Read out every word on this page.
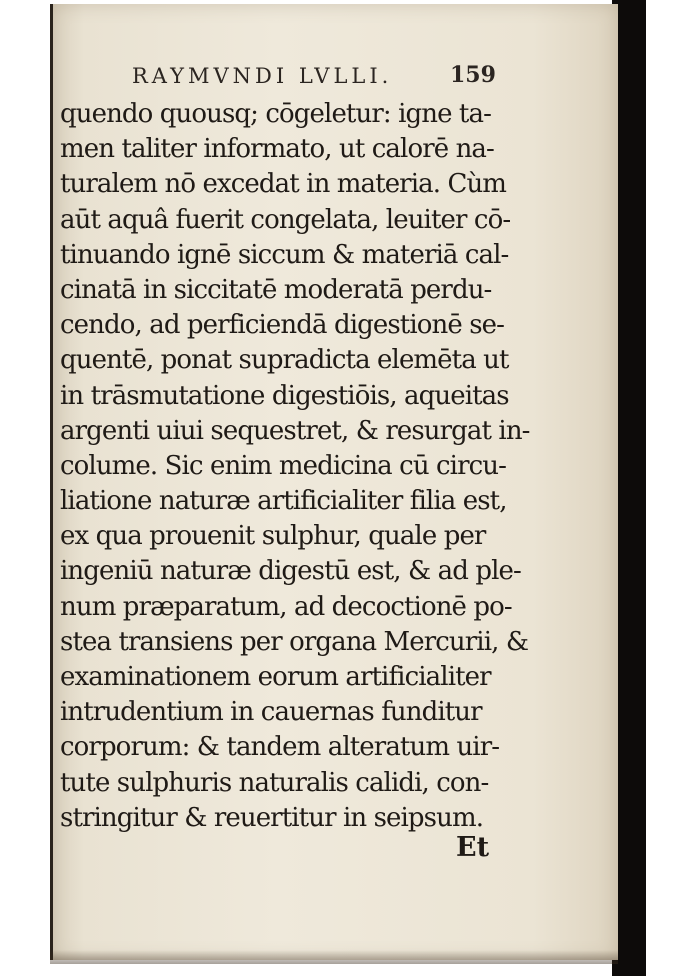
RAYMVNDI LVLLI.	159
quendo quousq; cōgeletur: igne ta-
men taliter informato, ut calorē na-
turalem nō excedat in materia. Cùm
aūt aquâ fuerit congelata, leuiter cō-
tinuando ignē siccum & materiā cal-
cinatā in siccitatē moderatā perdu-
cendo, ad perficiendā digestionē se-
quentē, ponat supradicta elemēta ut
in trāsmutatione digestiōis, aqueitas
argenti uiui sequestret, & resurgat in-
colume. Sic enim medicina cū circu-
liatione naturæ artificialiter filia est,
ex qua prouenit sulphur, quale per
ingeniū naturæ digestū est, & ad ple-
num præparatum, ad decoctionē po-
stea transiens per organa Mercurii, &
examinationem eorum artificialiter
intrudentium in cauernas funditur
corporum: & tandem alteratum uir-
tute sulphuris naturalis calidi, con-
stringitur & reuertitur in seipsum.
Et
